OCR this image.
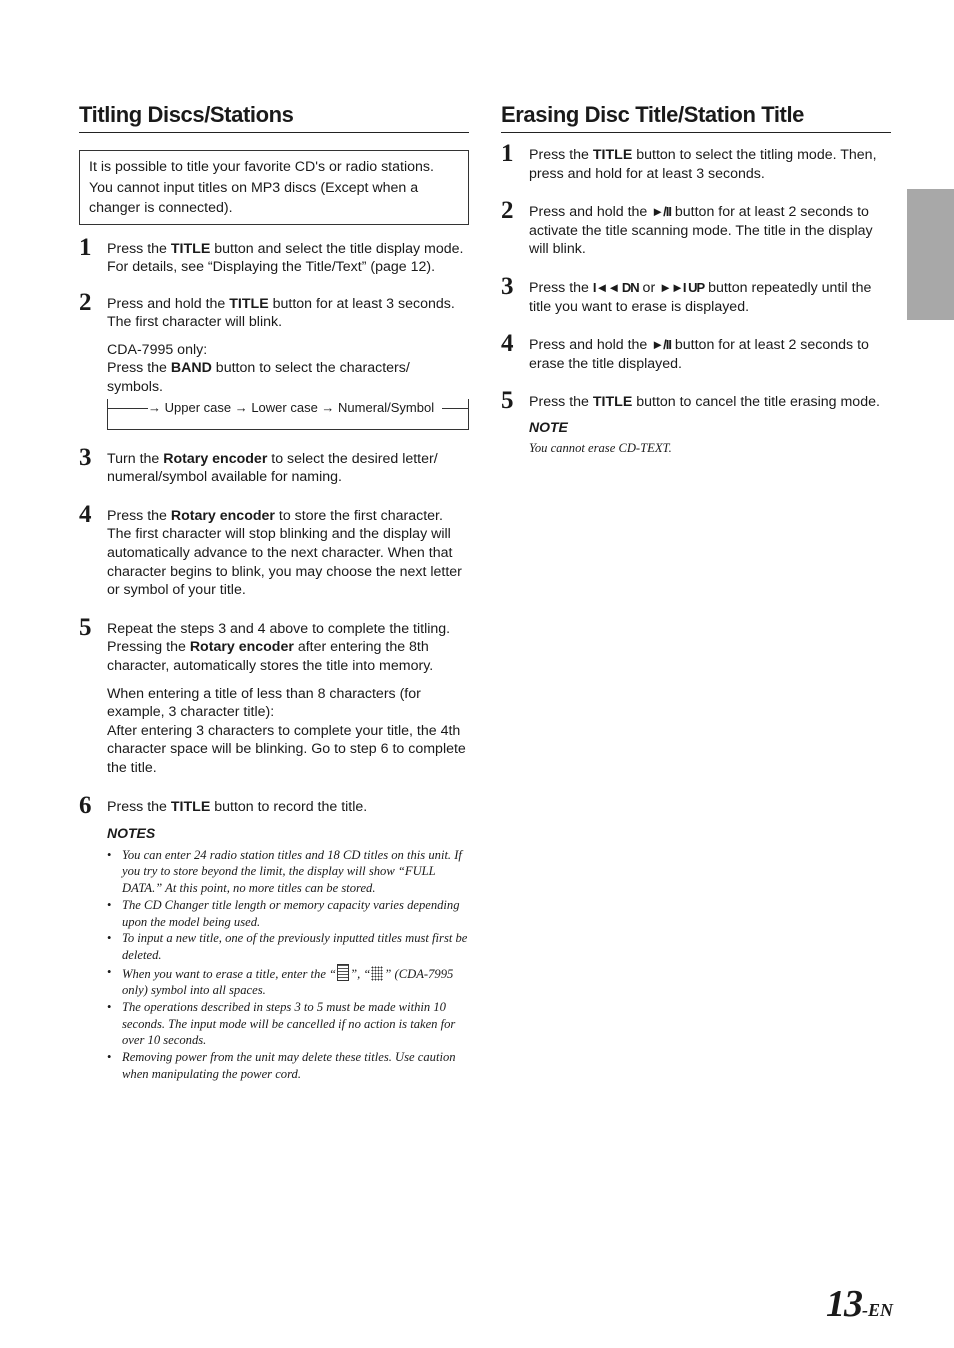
Titling Discs/Stations
It is possible to title your favorite CD's or radio stations. You cannot input titles on MP3 discs (Except when a changer is connected).
1 Press the TITLE button and select the title display mode.
For details, see “Displaying the Title/Text” (page 12).

2 Press and hold the TITLE button for at least 3 seconds. The first character will blink.

CDA-7995 only:
Press the BAND button to select the characters/ symbols.

→ Upper case → Lower case → Numeral/Symbol
3 Turn the Rotary encoder to select the desired letter/ numeral/symbol available for naming.

4 Press the Rotary encoder to store the first character. The first character will stop blinking and the display will automatically advance to the next character. When that character begins to blink, you may choose the next letter or symbol of your title.

5 Repeat the steps 3 and 4 above to complete the titling. Pressing the Rotary encoder after entering the 8th character, automatically stores the title into memory.

When entering a title of less than 8 characters (for example, 3 character title):
After entering 3 characters to complete your title, the 4th character space will be blinking. Go to step 6 to complete the title.

6 Press the TITLE button to record the title.

NOTES
• You can enter 24 radio station titles and 18 CD titles on this unit. If you try to store beyond the limit, the display will show “FULL DATA.” At this point, no more titles can be stored.
• The CD Changer title length or memory capacity varies depending upon the model being used.
• To input a new title, one of the previously inputted titles must first be deleted.
• When you want to erase a title, enter the “ ”, “ ” (CDA-7995 only) symbol into all spaces.
• The operations described in steps 3 to 5 must be made within 10 seconds. The input mode will be cancelled if no action is taken for over 10 seconds.
• Removing power from the unit may delete these titles. Use caution when manipulating the power cord.
Erasing Disc Title/Station Title
1 Press the TITLE button to select the titling mode. Then, press and hold for at least 3 seconds.

2 Press and hold the ►/II button for at least 2 seconds to activate the title scanning mode. The title in the display will blink.

3 Press the I◄◄ DN or ►►I UP button repeatedly until the title you want to erase is displayed.

4 Press and hold the ►/II button for at least 2 seconds to erase the title displayed.

5 Press the TITLE button to cancel the title erasing mode.

NOTE
You cannot erase CD-TEXT.
13-EN
